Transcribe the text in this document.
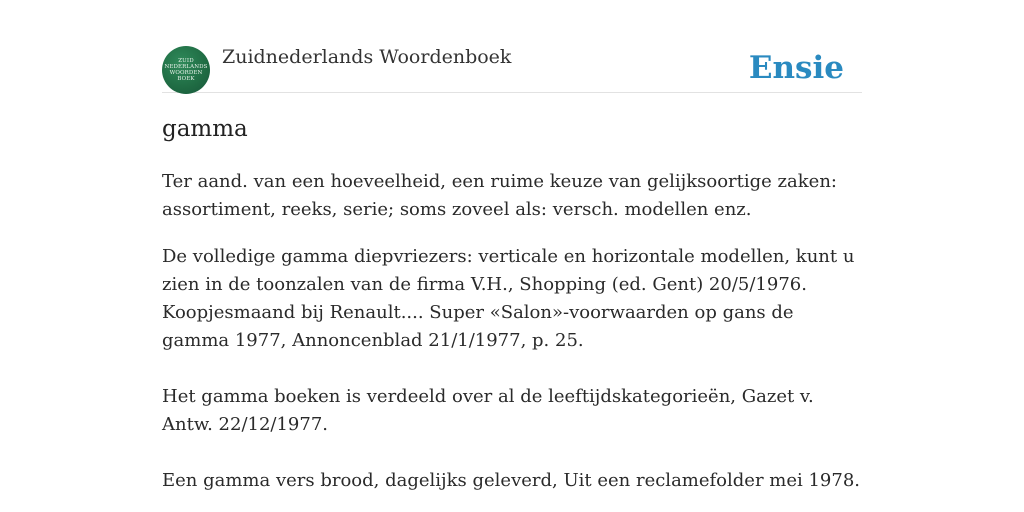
ZUID
NEDERLANDS
WOORDEN
BOEK
Zuidnederlands Woordenboek	Ensie
gamma

Ter aand. van een hoeveelheid, een ruime keuze van gelijksoortige zaken: assortiment, reeks, serie; soms zoveel als: versch. modellen enz.

De volledige gamma diepvriezers: verticale en horizontale modellen, kunt u zien in de toonzalen van de firma V.H., Shopping (ed. Gent) 20/5/1976. Koopjesmaand bij Renault.... Super «Salon»-voorwaarden op gans de gamma 1977, Annoncenblad 21/1/1977, p. 25.

Het gamma boeken is verdeeld over al de leeftijdskategorieën, Gazet v. Antw. 22/12/1977.

Een gamma vers brood, dagelijks geleverd, Uit een reclamefolder mei 1978.
